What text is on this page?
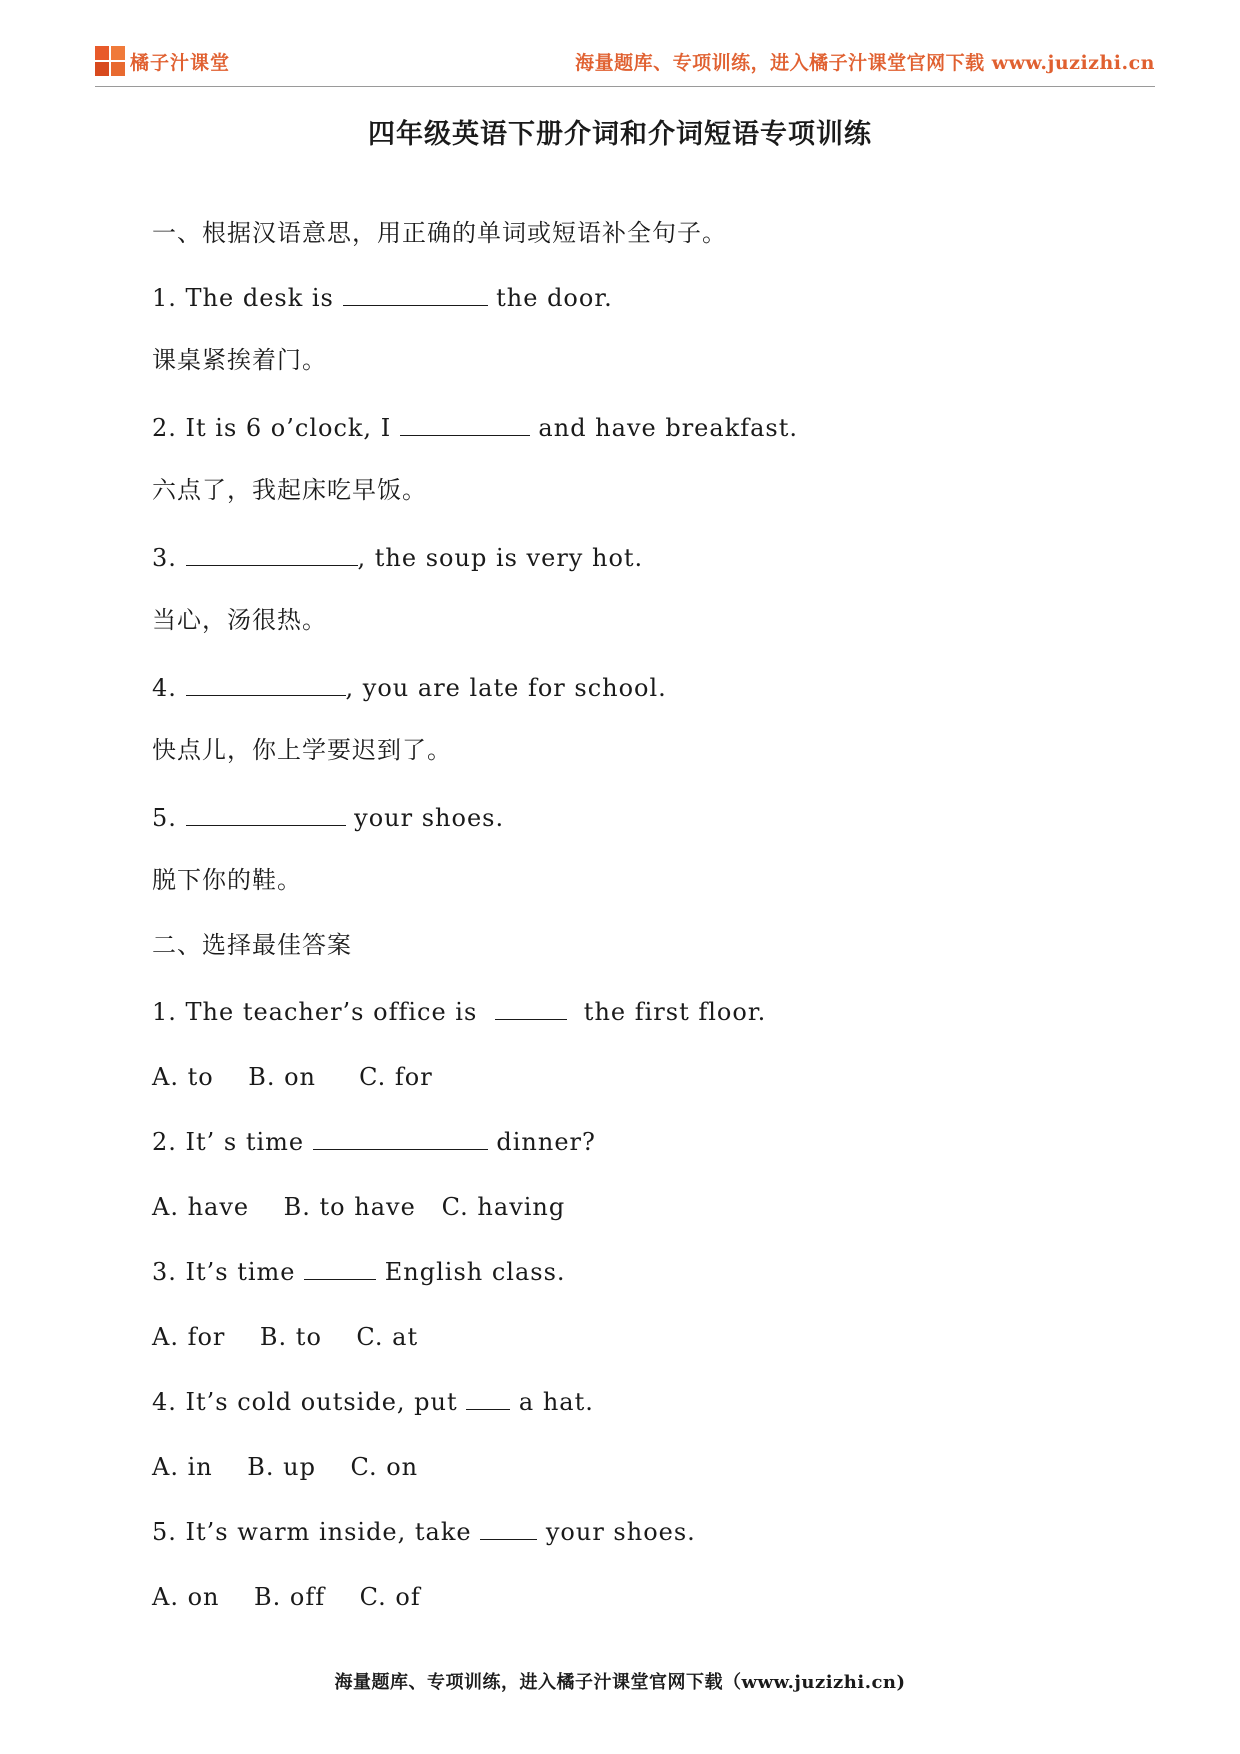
橘子汁课堂	海量题库、专项训练，进入橘子汁课堂官网下载 www.juzizhi.cn
四年级英语下册介词和介词短语专项训练
一、根据汉语意思，用正确的单词或短语补全句子。
1. The desk is	the door.
课桌紧挨着门。
2. It is 6 o’clock, I	and have breakfast.
六点了，我起床吃早饭。
3.	, the soup is very hot.
当心，汤很热。
4.	, you are late for school.
快点儿，你上学要迟到了。
5.	your shoes.
脱下你的鞋。
二、选择最佳答案
1. The teacher’s office is	the first floor.
A. to    B. on     C. for
2. It’ s time	dinner?
A. have    B. to have   C. having
3. It’s time	English class.
A. for    B. to    C. at
4. It’s cold outside, put  a hat.
A. in    B. up    C. on
5. It’s warm inside, take  your shoes.
A. on    B. off    C. of
海量题库、专项训练，进入橘子汁课堂官网下载（www.juzizhi.cn)
